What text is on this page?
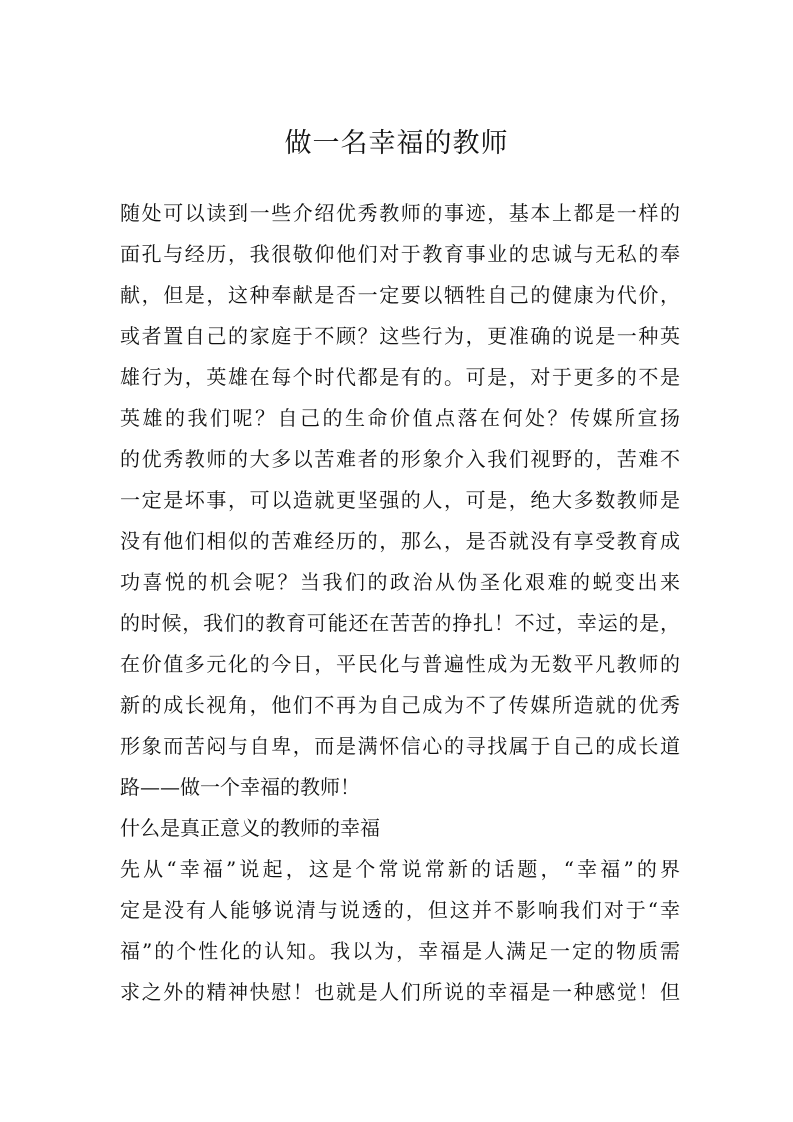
做一名幸福的教师
随处可以读到一些介绍优秀教师的事迹，基本上都是一样的
面孔与经历，我很敬仰他们对于教育事业的忠诚与无私的奉
献，但是，这种奉献是否一定要以牺牲自己的健康为代价，
或者置自己的家庭于不顾？这些行为，更准确的说是一种英
雄行为，英雄在每个时代都是有的。可是，对于更多的不是
英雄的我们呢？自己的生命价值点落在何处？传媒所宣扬
的优秀教师的大多以苦难者的形象介入我们视野的，苦难不
一定是坏事，可以造就更坚强的人，可是，绝大多数教师是
没有他们相似的苦难经历的，那么，是否就没有享受教育成
功喜悦的机会呢？当我们的政治从伪圣化艰难的蜕变出来
的时候，我们的教育可能还在苦苦的挣扎！不过，幸运的是，
在价值多元化的今日，平民化与普遍性成为无数平凡教师的
新的成长视角，他们不再为自己成为不了传媒所造就的优秀
形象而苦闷与自卑，而是满怀信心的寻找属于自己的成长道
路——做一个幸福的教师！
什么是真正意义的教师的幸福
先从“幸福”说起，这是个常说常新的话题，“幸福”的界
定是没有人能够说清与说透的，但这并不影响我们对于“幸
福”的个性化的认知。我以为，幸福是人满足一定的物质需
求之外的精神快慰！也就是人们所说的幸福是一种感觉！但
